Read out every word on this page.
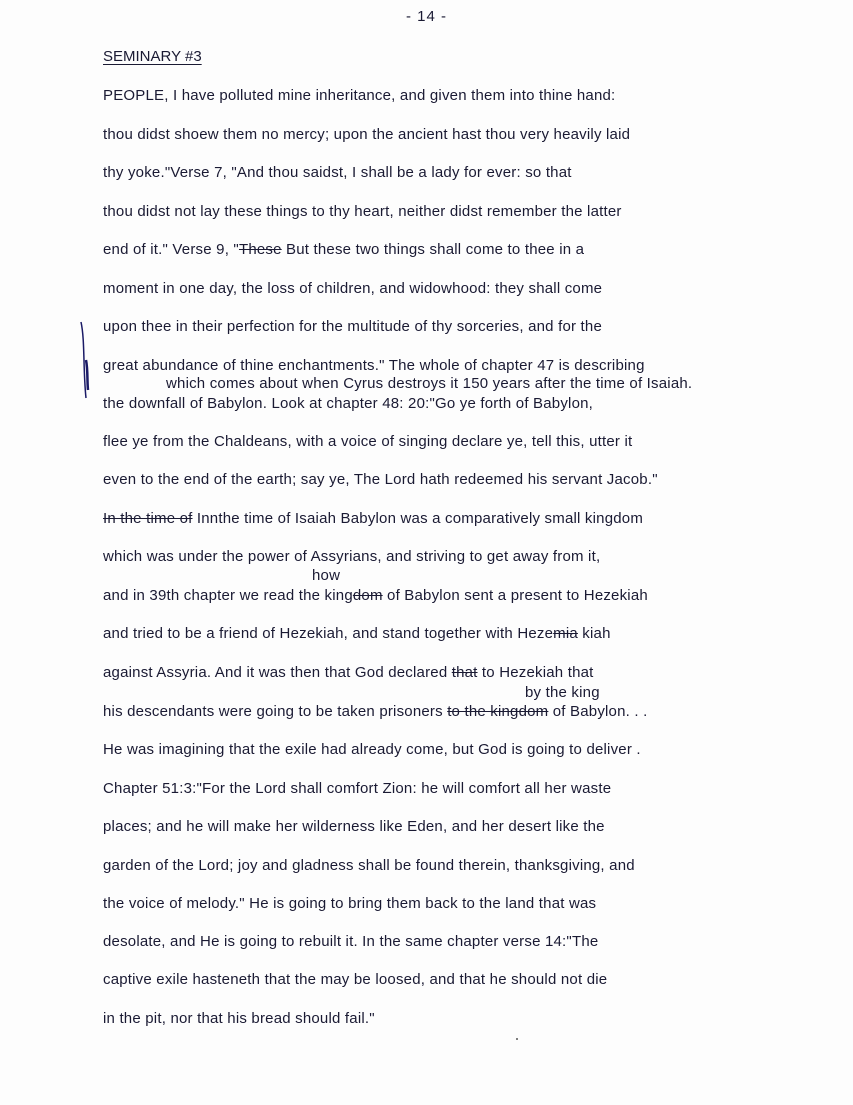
- 14 -
SEMINARY #3
PEOPLE, I have polluted mine inheritance, and given them into thine hand:
thou didst shoew them no mercy; upon the ancient hast thou very heavily laid
thy yoke."Verse 7, "And thou saidst, I shall be a lady for ever: so that
thou didst not lay these things to thy heart, neither didst remember the latter
end of it." Verse 9, "These But these two things shall come to thee in a
moment in one day, the loss of children, and widowhood: they shall come
upon thee in their perfection for the multitude of thy sorceries, and for the
great abundance of thine enchantments." The whole of chapter 47 is describing
which comes about when Cyrus destroys it 150 years after the time of Isaiah.
the downfall of Babylon. Look at chapter 48: 20:"Go ye forth of Babylon,
flee ye from the Chaldeans, with a voice of singing declare ye, tell this, utter it
even to the end of the earth; say ye, The Lord hath redeemed his servant Jacob."
In the time of Innthe time of Isaiah Babylon was a comparatively small kingdom
which was under the power of Assyrians, and striving to get away from it,
how
and in 39th chapter we read the kingdom of Babylon sent a present to Hezekiah
and tried to be a friend of Hezekiah, and stand together with Hezemia kiah
against Assyria. And it was then that God declared that to Hezekiah that
by the king
his descendants were going to be taken prisoners to the kingdom of Babylon. . .
He was imagining that the exile had already come, but God is going to deliver .
Chapter 51:3:"For the Lord shall comfort Zion: he will comfort all her waste
places; and he will make her wilderness like Eden, and her desert like the
garden of the Lord; joy and gladness shall be found therein, thanksgiving, and
the voice of melody." He is going to bring them back to the land that was
desolate, and He is going to rebuilt it. In the same chapter verse 14:"The
captive exile hasteneth that the may be loosed, and that he should not die
in the pit, nor that his bread should fail."
